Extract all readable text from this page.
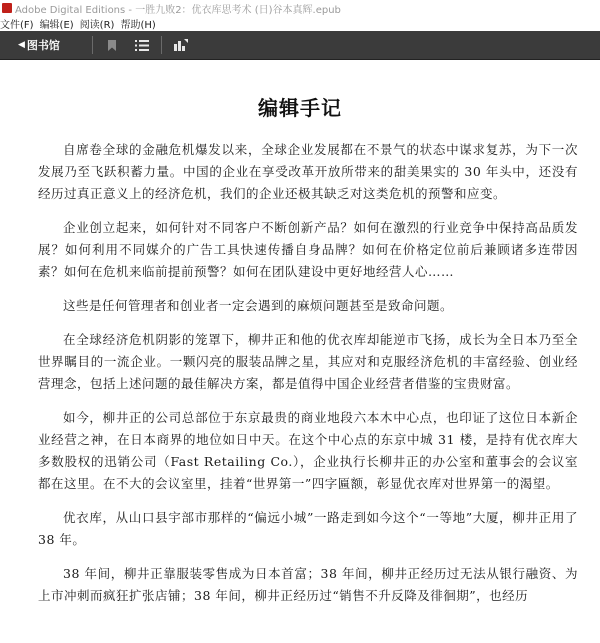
Adobe Digital Editions - 一胜九败2：优衣库思考术 (日)谷本真辉.epub
文件(F) 编辑(E) 阅读(R) 帮助(H)
◀ 图书馆
编辑手记

自席卷全球的金融危机爆发以来，全球企业发展都在不景气的状态中谋求复苏，为下一次发展乃至飞跃积蓄力量。中国的企业在享受改革开放所带来的甜美果实的 30 年头中，还没有经历过真正意义上的经济危机，我们的企业还极其缺乏对这类危机的预警和应变。

企业创立起来，如何针对不同客户不断创新产品？如何在激烈的行业竞争中保持高品质发展？如何利用不同媒介的广告工具快速传播自身品牌？如何在价格定位前后兼顾诸多连带因素？如何在危机来临前提前预警？如何在团队建设中更好地经营人心……

这些是任何管理者和创业者一定会遇到的麻烦问题甚至是致命问题。

在全球经济危机阴影的笼罩下，柳井正和他的优衣库却能逆市飞扬，成长为全日本乃至全世界瞩目的一流企业。一颗闪亮的服装品牌之星，其应对和克服经济危机的丰富经验、创业经营理念，包括上述问题的最佳解决方案，都是值得中国企业经营者借鉴的宝贵财富。

如今，柳井正的公司总部位于东京最贵的商业地段六本木中心点，也印证了这位日本新企业经营之神，在日本商界的地位如日中天。在这个中心点的东京中城 31 楼，是持有优衣库大多数股权的迅销公司（Fast Retailing Co.），企业执行长柳井正的办公室和董事会的会议室都在这里。在不大的会议室里，挂着“世界第一”四字匾额，彰显优衣库对世界第一的渴望。

优衣库，从山口县宇部市那样的“偏远小城”一路走到如今这个“一等地”大厦，柳井正用了 38 年。

38 年间，柳井正靠服装零售成为日本首富；38 年间，柳井正经历过无法从银行融资、为上市冲刺而疯狂扩张店铺；38 年间，柳井正经历过“销售不升反降及徘徊期”，也经历
